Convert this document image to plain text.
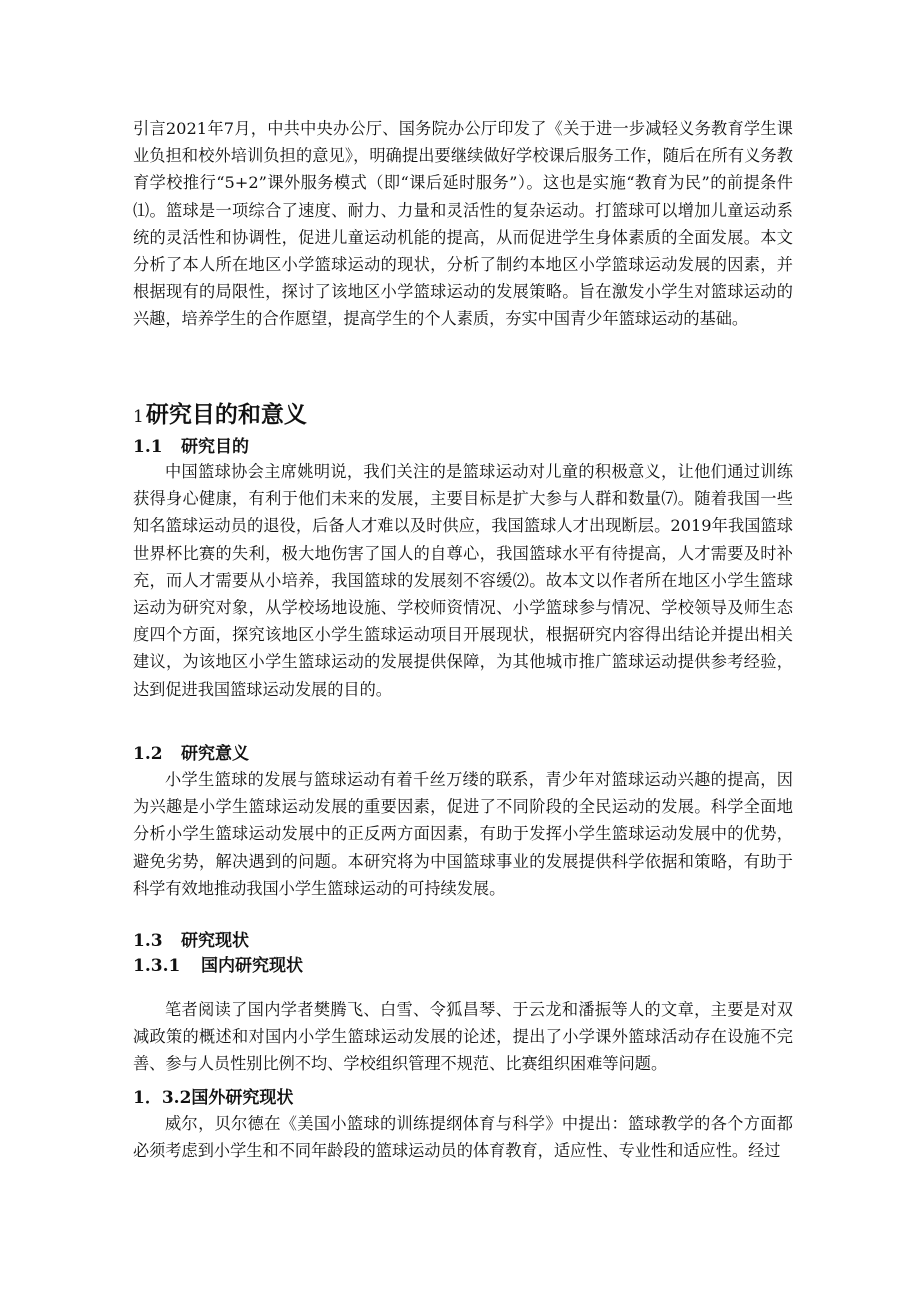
引言2021年7月，中共中央办公厅、国务院办公厅印发了《关于进一步减轻义务教育学生课业负担和校外培训负担的意见》，明确提出要继续做好学校课后服务工作，随后在所有义务教育学校推行“5+2”课外服务模式（即“课后延时服务”）。这也是实施“教育为民”的前提条件⑴。篮球是一项综合了速度、耐力、力量和灵活性的复杂运动。打篮球可以增加儿童运动系统的灵活性和协调性，促进儿童运动机能的提高，从而促进学生身体素质的全面发展。本文分析了本人所在地区小学篮球运动的现状，分析了制约本地区小学篮球运动发展的因素，并根据现有的局限性，探讨了该地区小学篮球运动的发展策略。旨在激发小学生对篮球运动的兴趣，培养学生的合作愿望，提高学生的个人素质，夯实中国青少年篮球运动的基础。

1研究目的和意义
1.1 研究目的

中国篮球协会主席姚明说，我们关注的是篮球运动对儿童的积极意义，让他们通过训练获得身心健康，有利于他们未来的发展，主要目标是扩大参与人群和数量⑺。随着我国一些知名篮球运动员的退役，后备人才难以及时供应，我国篮球人才出现断层。2019年我国篮球世界杯比赛的失利，极大地伤害了国人的自尊心，我国篮球水平有待提高，人才需要及时补充，而人才需要从小培养，我国篮球的发展刻不容缓⑵。故本文以作者所在地区小学生篮球运动为研究对象，从学校场地设施、学校师资情况、小学篮球参与情况、学校领导及师生态度四个方面，探究该地区小学生篮球运动项目开展现状，根据研究内容得出结论并提出相关建议，为该地区小学生篮球运动的发展提供保障，为其他城市推广篮球运动提供参考经验，达到促进我国篮球运动发展的目的。

1.2 研究意义

小学生篮球的发展与篮球运动有着千丝万缕的联系，青少年对篮球运动兴趣的提高，因为兴趣是小学生篮球运动发展的重要因素，促进了不同阶段的全民运动的发展。科学全面地分析小学生篮球运动发展中的正反两方面因素，有助于发挥小学生篮球运动发展中的优势，避免劣势，解决遇到的问题。本研究将为中国篮球事业的发展提供科学依据和策略，有助于科学有效地推动我国小学生篮球运动的可持续发展。

1.3 研究现状
1.3.1 国内研究现状

笔者阅读了国内学者樊腾飞、白雪、令狐昌琴、于云龙和潘振等人的文章，主要是对双减政策的概述和对国内小学生篮球运动发展的论述，提出了小学课外篮球活动存在设施不完善、参与人员性别比例不均、学校组织管理不规范、比赛组织困难等问题。

1．3.2国外研究现状

威尔，贝尔德在《美国小篮球的训练提纲体育与科学》中提出：篮球教学的各个方面都必须考虑到小学生和不同年龄段的篮球运动员的体育教育，适应性、专业性和适应性。经过
